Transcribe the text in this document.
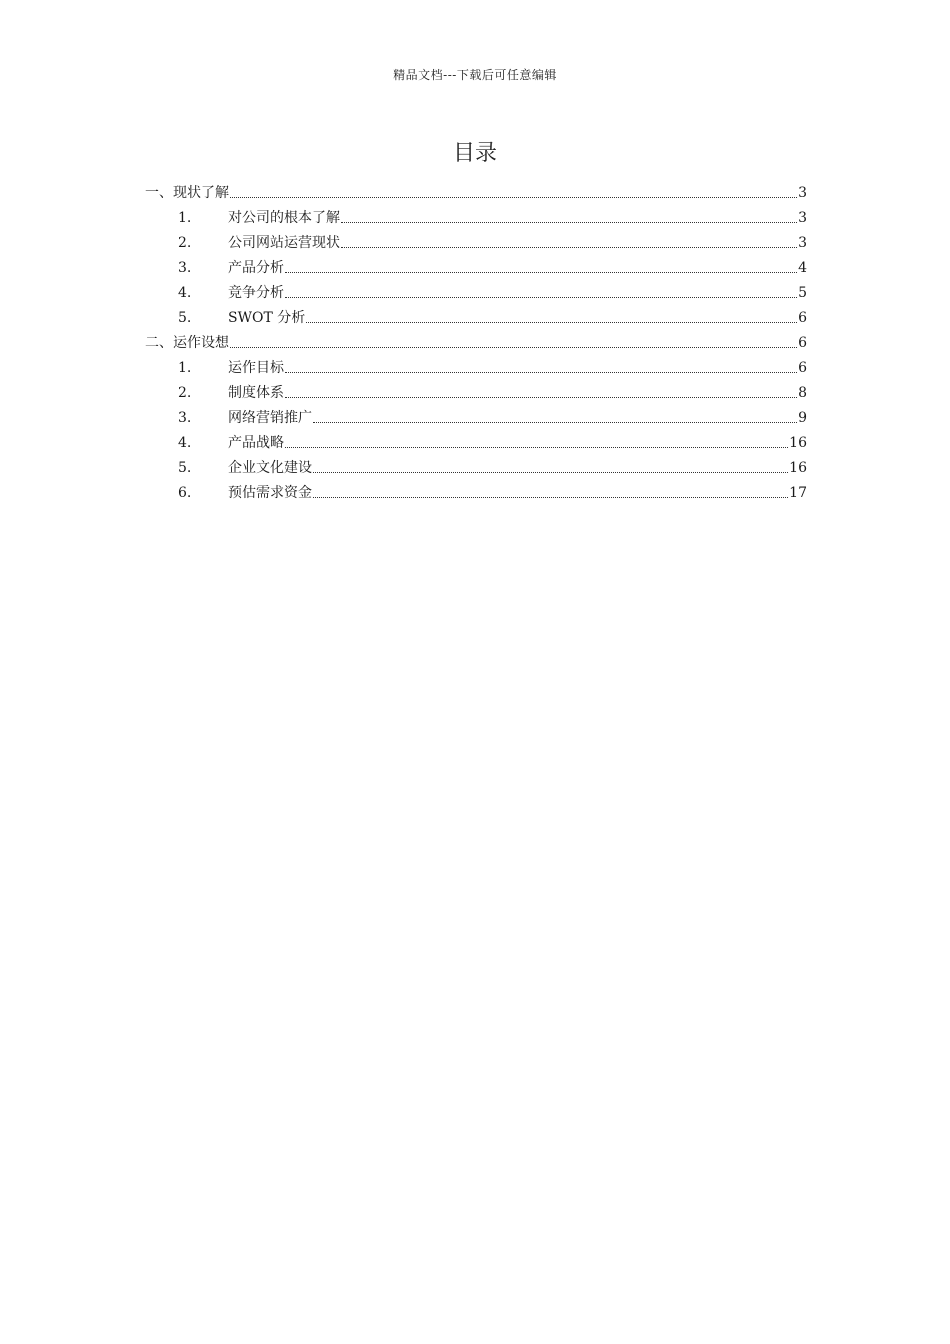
精品文档---下载后可任意编辑
目录
一、现状了解	3
1.	对公司的根本了解	3
2.	公司网站运营现状	3
3.	产品分析	4
4.	竞争分析	5
5.	SWOT 分析	6
二、运作设想	6
1.	运作目标	6
2.	制度体系	8
3.	网络营销推广	9
4.	产品战略	16
5.	企业文化建设	16
6.	预估需求资金	17
